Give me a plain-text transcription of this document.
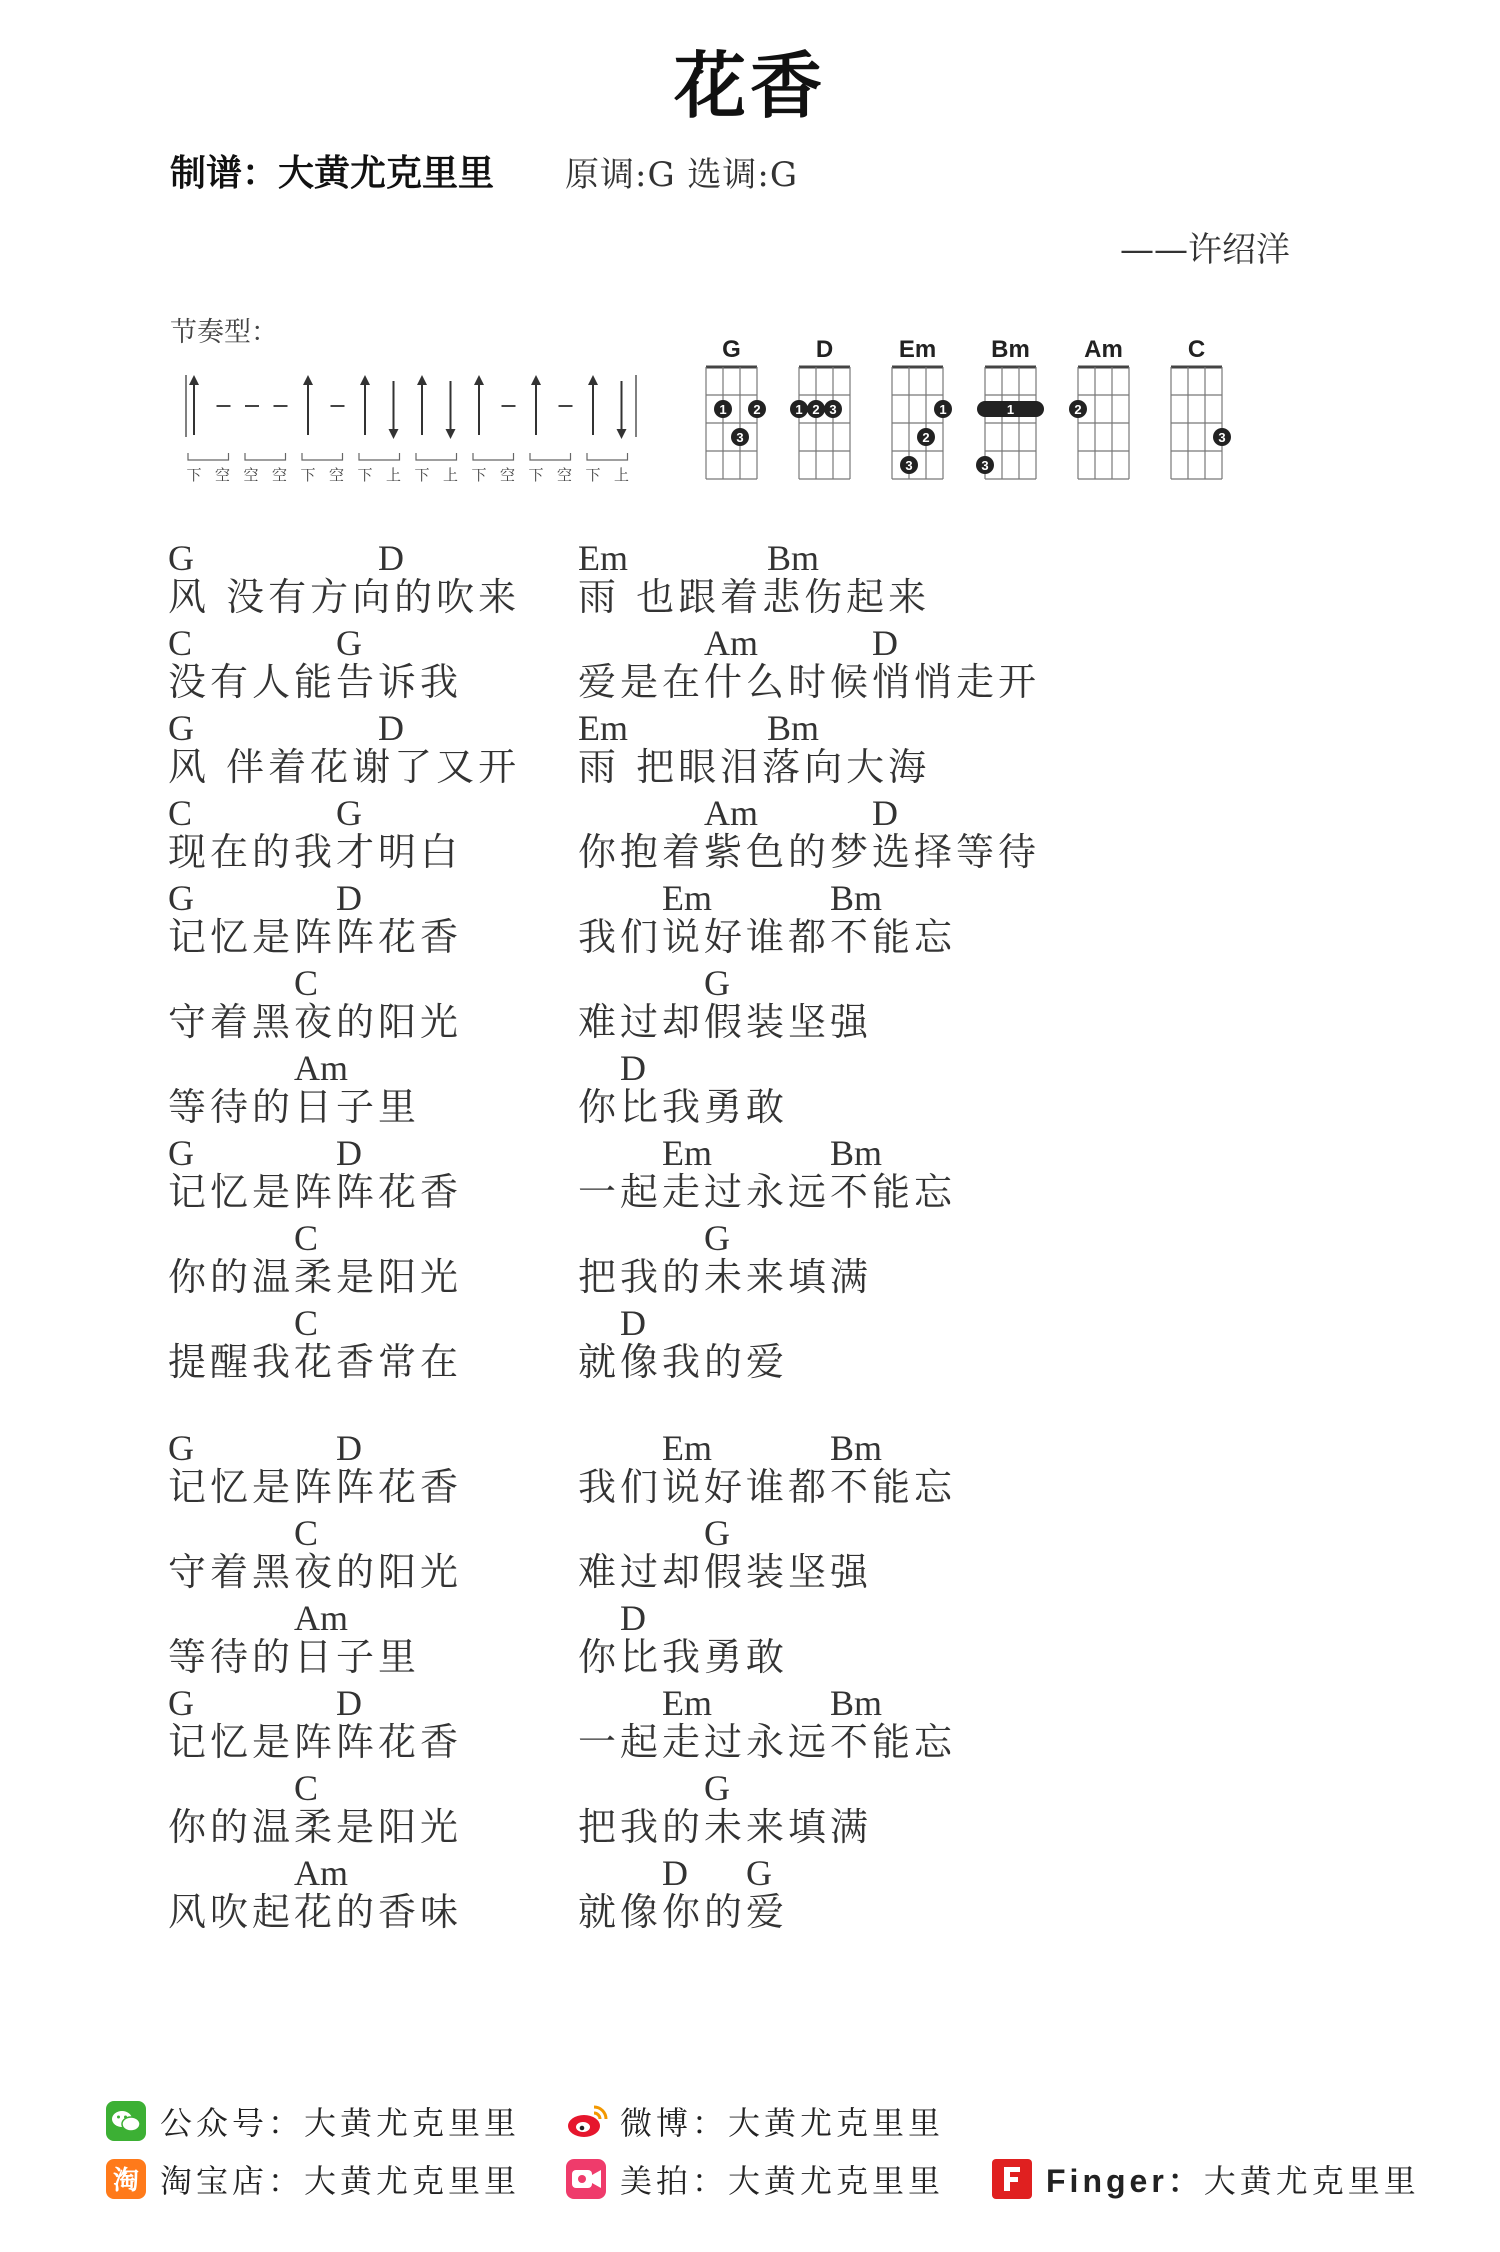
花香
制谱：大黄尤克里里 原调:G 选调:G
——许绍洋
节奏型：
下 空 空 空 下 空 下 上 下 上 下 空 下 空 下 上
G
1 2
3
D
1 2 3
Em
1
2
3
Bm
1
3
Am
2
C
3
G	D
风 没有方向的吹来
C	G
没有人能告诉我
G	D
风 伴着花谢了又开
C	G
现在的我才明白
G	D
记忆是阵阵花香
C
守着黑夜的阳光
Am
等待的日子里
G	D
记忆是阵阵花香
C
你的温柔是阳光
C
提醒我花香常在
G	D
记忆是阵阵花香
C
守着黑夜的阳光
Am
等待的日子里
G	D
记忆是阵阵花香
C
你的温柔是阳光
Am
风吹起花的香味
Em	Bm
雨 也跟着悲伤起来
Am	D
爱是在什么时候悄悄走开
Em	Bm
雨 把眼泪落向大海
Am	D
你抱着紫色的梦选择等待
Em	Bm
我们说好谁都不能忘
G
难过却假装坚强
D
你比我勇敢
Em	Bm
一起走过永远不能忘
G
把我的未来填满
D
就像我的爱
Em	Bm
我们说好谁都不能忘
G
难过却假装坚强
D
你比我勇敢
Em	Bm
一起走过永远不能忘
G
把我的未来填满
D G
就像你的爱
公众号： 大黄尤克里里	微博： 大黄尤克里里
淘 淘宝店： 大黄尤克里里	美拍： 大黄尤克里里	Finger： 大黄尤克里里
